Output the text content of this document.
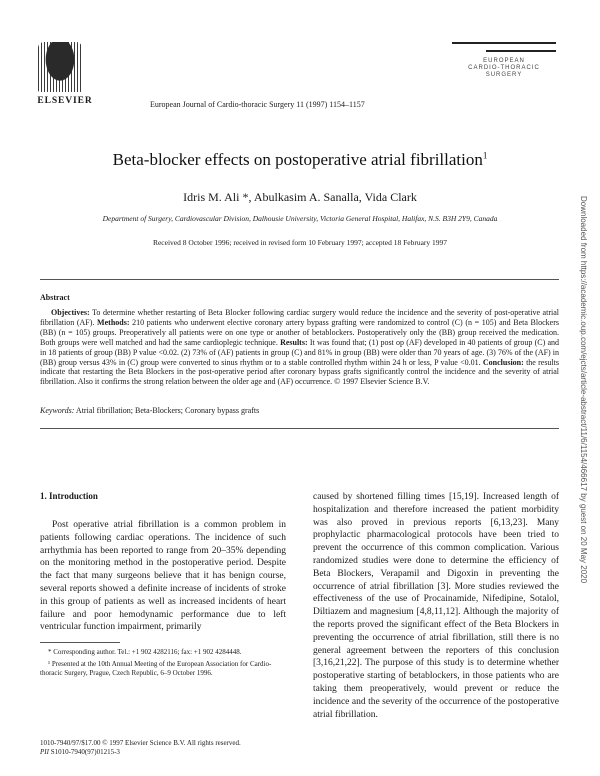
ELSEVIER	European Journal of Cardio-thoracic Surgery 11 (1997) 1154–1157
EUROPEAN
CARDIO-THORACIC
SURGERY
Beta-blocker effects on postoperative atrial fibrillation$^1$
Idris M. Ali *, Abulkasim A. Sanalla, Vida Clark
Department of Surgery, Cardiovascular Division, Dalhousie University, Victoria General Hospital, Halifax, N.S. B3H 2Y9, Canada
Received 8 October 1996; received in revised form 10 February 1997; accepted 18 February 1997	Downloaded from https://academic.oup.com/ejcts/article-abstract/11/6/1154/466617 by guest on 20 May 2020
Abstract
Objectives: To determine whether restarting of Beta Blocker following cardiac surgery would reduce the incidence and the severity of post-operative atrial fibrillation (AF). Methods: 210 patients who underwent elective coronary artery bypass grafting were randomized to control (C) (n = 105) and Beta Blockers (BB) (n = 105) groups. Preoperatively all patients were on one type or another of betablockers. Postoperatively only the (BB) group received the medication. Both groups were well matched and had the same cardioplegic technique. Results: It was found that; (1) post op (AF) developed in 40 patients of group (C) and in 18 patients of group (BB) P value <0.02. (2) 73% of (AF) patients in group (C) and 81% in group (BB) were older than 70 years of age. (3) 76% of the (AF) in (BB) group versus 43% in (C) group were converted to sinus rhythm or to a stable controlled rhythm within 24 h or less, P value <0.01. Conclusion: the results indicate that restarting the Beta Blockers in the post-operative period after coronary bypass grafts significantly control the incidence and the severity of atrial fibrillation. Also it confirms the strong relation between the older age and (AF) occurrence. © 1997 Elsevier Science B.V.
Keywords: Atrial fibrillation; Beta-Blockers; Coronary bypass grafts
1. Introduction
Post operative atrial fibrillation is a common problem in patients following cardiac operations. The incidence of such arrhythmia has been reported to range from 20–35% depending on the monitoring method in the postoperative period. Despite the fact that many surgeons believe that it has benign course, several reports showed a definite increase of incidents of stroke in this group of patients as well as increased incidents of heart failure and poor hemodynamic performance due to left ventricular function impairment, primarily
caused by shortened filling times [15,19]. Increased length of hospitalization and therefore increased the patient morbidity was also proved in previous reports [6,13,23]. Many prophylactic pharmacological protocols have been tried to prevent the occurrence of this common complication. Various randomized studies were done to determine the efficiency of Beta Blockers, Verapamil and Digoxin in preventing the occurrence of atrial fibrillation [3]. More studies reviewed the effectiveness of the use of Procainamide, Nifedipine, Sotalol, Diltiazem and magnesium [4,8,11,12]. Although the majority of the reports proved the significant effect of the Beta Blockers in preventing the occurrence of atrial fibrillation, still there is no general agreement between the reporters of this conclusion [3,16,21,22]. The purpose of this study is to determine whether postoperative starting of betablockers, in those patients who are taking them preoperatively, would prevent or reduce the incidence and the severity of the occurrence of the postoperative atrial fibrillation.

* Corresponding author. Tel.: +1 902 4282116; fax: +1 902 4284448.

¹ Presented at the 10th Annual Meeting of the European Association for Cardio-thoracic Surgery, Prague, Czech Republic, 6–9 October 1996.

1010-7940/97/$17.00 © 1997 Elsevier Science B.V. All rights reserved.
PII S1010-7940(97)01215-3
